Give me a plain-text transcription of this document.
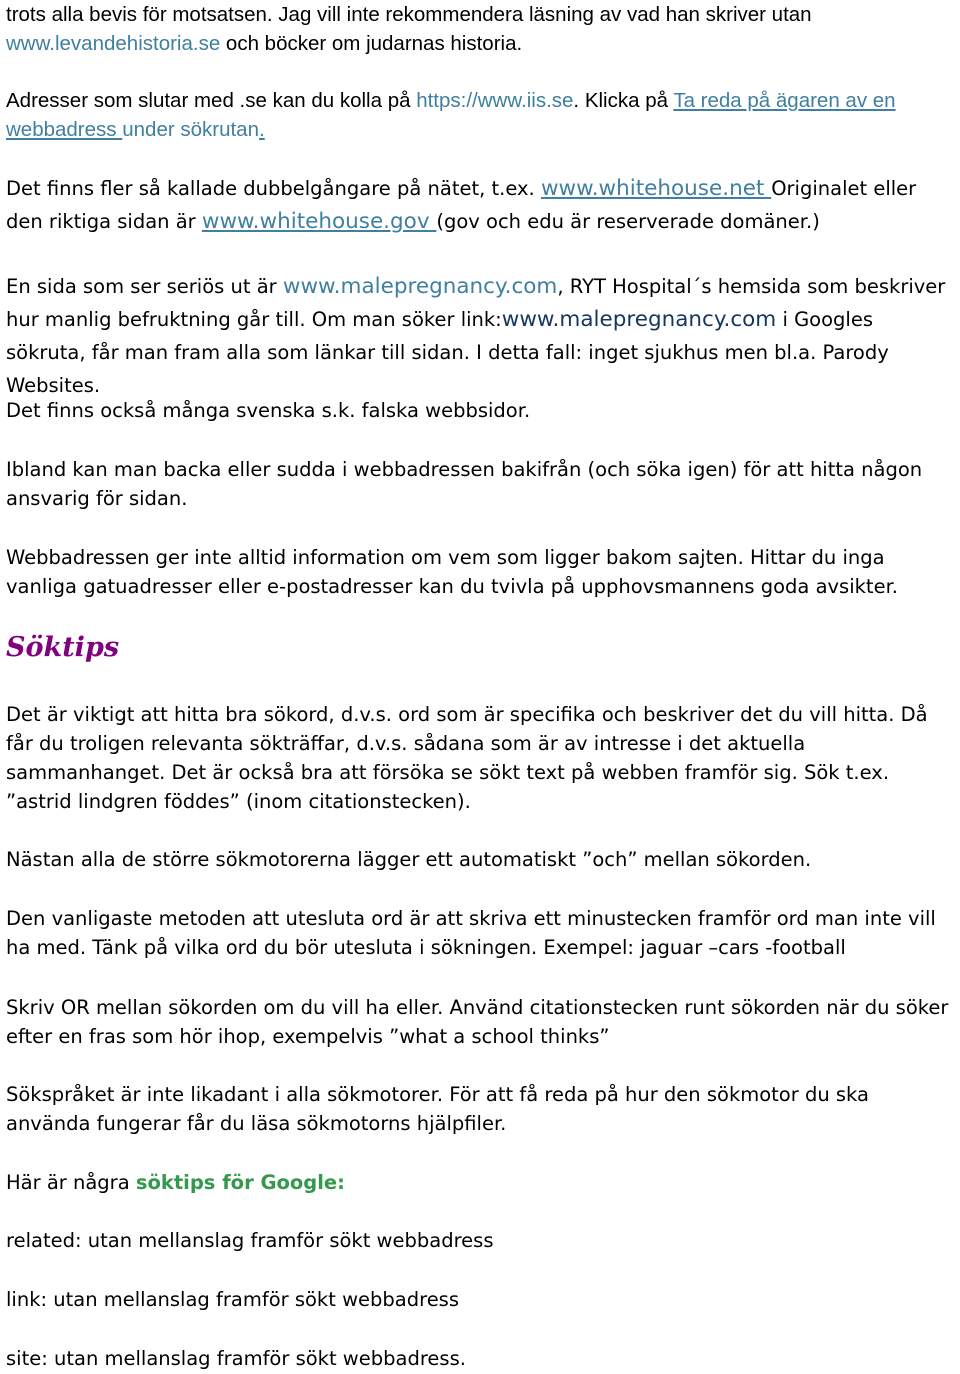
trots alla bevis för motsatsen. Jag vill inte rekommendera läsning av vad han skriver utan
www.levandehistoria.se och böcker om judarnas historia.

Adresser som slutar med .se kan du kolla på https://www.iis.se. Klicka på Ta reda på ägaren av en webbadress under sökrutan.

Det finns fler så kallade dubbelgångare på nätet, t.ex. www.whitehouse.net Originalet eller den riktiga sidan är www.whitehouse.gov (gov och edu är reserverade domäner.)

En sida som ser seriös ut är www.malepregnancy.com, RYT Hospital´s hemsida som beskriver hur manlig befruktning går till. Om man söker link:www.malepregnancy.com i Googles sökruta, får man fram alla som länkar till sidan. I detta fall: inget sjukhus men bl.a. Parody Websites.

Det finns också många svenska s.k. falska webbsidor.

Ibland kan man backa eller sudda i webbadressen bakifrån (och söka igen) för att hitta någon ansvarig för sidan.

Webbadressen ger inte alltid information om vem som ligger bakom sajten. Hittar du inga vanliga gatuadresser eller e-postadresser kan du tvivla på upphovsmannens goda avsikter.

Det är viktigt att hitta bra sökord, d.v.s. ord som är specifika och beskriver det du vill hitta. Då får du troligen relevanta sökträffar, d.v.s. sådana som är av intresse i det aktuella sammanhanget. Det är också bra att försöka se sökt text på webben framför sig. Sök t.ex. ”astrid lindgren föddes” (inom citationstecken).

Nästan alla de större sökmotorerna lägger ett automatiskt ”och” mellan sökorden.

Den vanligaste metoden att utesluta ord är att skriva ett minustecken framför ord man inte vill ha med. Tänk på vilka ord du bör utesluta i sökningen. Exempel: jaguar –cars -football

Skriv OR mellan sökorden om du vill ha eller. Använd citationstecken runt sökorden när du söker efter en fras som hör ihop, exempelvis ”what a school thinks”

Sökspråket är inte likadant i alla sökmotorer. För att få reda på hur den sökmotor du ska använda fungerar får du läsa sökmotorns hjälpfiler.

Här är några söktips för Google:

related: utan mellanslag framför sökt webbadress

link: utan mellanslag framför sökt webbadress

site: utan mellanslag framför sökt webbadress.

Söktips
